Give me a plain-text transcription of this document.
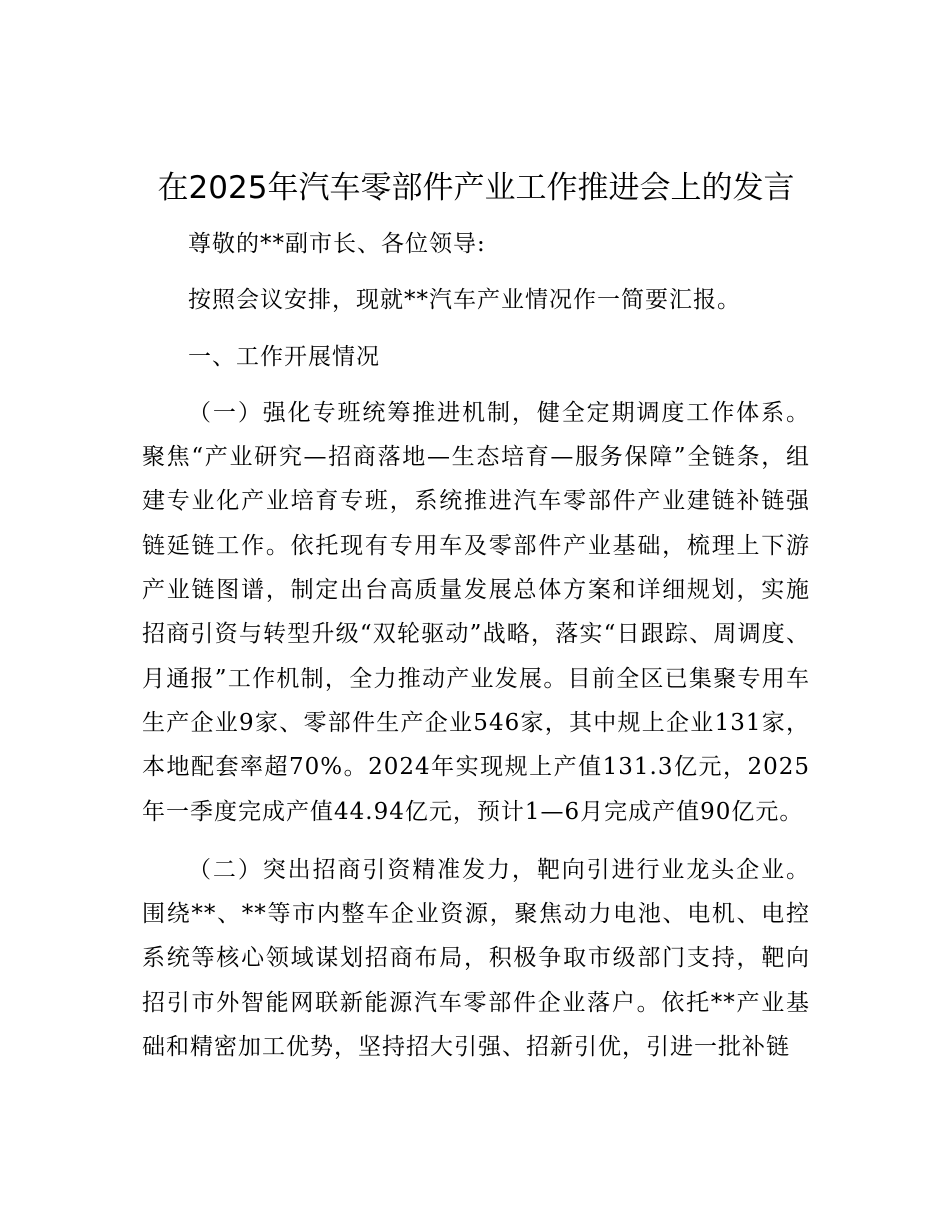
在2025年汽车零部件产业工作推进会上的发言

尊敬的**副市长、各位领导:

按照会议安排，现就**汽车产业情况作一简要汇报。

一、工作开展情况

（一）强化专班统筹推进机制，健全定期调度工作体系。聚焦“产业研究—招商落地—生态培育—服务保障”全链条，组建专业化产业培育专班，系统推进汽车零部件产业建链补链强链延链工作。依托现有专用车及零部件产业基础，梳理上下游产业链图谱，制定出台高质量发展总体方案和详细规划，实施招商引资与转型升级“双轮驱动”战略，落实“日跟踪、周调度、月通报”工作机制，全力推动产业发展。目前全区已集聚专用车生产企业9家、零部件生产企业546家，其中规上企业131家，本地配套率超70%。2024年实现规上产值131.3亿元，2025年一季度完成产值44.94亿元，预计1—6月完成产值90亿元。

（二）突出招商引资精准发力，靶向引进行业龙头企业。围绕**、**等市内整车企业资源，聚焦动力电池、电机、电控系统等核心领域谋划招商布局，积极争取市级部门支持，靶向招引市外智能网联新能源汽车零部件企业落户。依托**产业基础和精密加工优势，坚持招大引强、招新引优，引进一批补链
